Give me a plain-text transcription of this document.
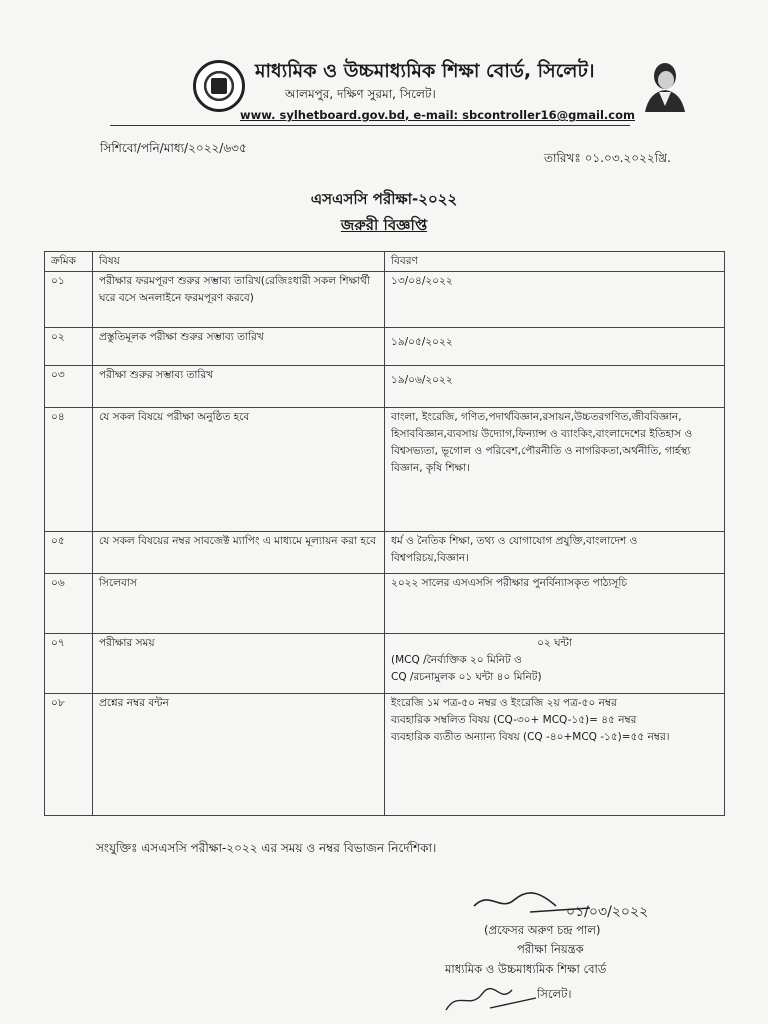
মাধ্যমিক ও উচ্চমাধ্যমিক শিক্ষা বোর্ড, সিলেট।
আলমপুর, দক্ষিণ সুরমা, সিলেট।
www. sylhetboard.gov.bd, e-mail: sbcontroller16@gmail.com
সিশিবো/পনি/মাধ্য/২০২২/৬৩৫
তারিখঃ ০১.০৩.২০২২খ্রি.
এসএসসি পরীক্ষা-২০২২
জরুরী বিজ্ঞপ্তি
ক্রমিক	বিষয়	বিবরণ
০১	পরীক্ষার ফরমপূরণ শুরুর সম্ভাব্য তারিখ(রেজিঃধারী সকল শিক্ষার্থী ঘরে বসে অনলাইনে ফরমপূরণ করবে)	১৩/০৪/২০২২
০২	প্রস্তুতিমূলক পরীক্ষা শুরুর সম্ভাব্য তারিখ	১৯/০৫/২০২২
০৩	পরীক্ষা শুরুর সম্ভাব্য তারিখ	১৯/০৬/২০২২
০৪	যে সকল বিষয়ে পরীক্ষা অনুষ্ঠিত হবে	বাংলা, ইংরেজি, গণিত,পদার্থবিজ্ঞান,রসায়ন,উচ্চতরগণিত,জীববিজ্ঞান, হিসাববিজ্ঞান,ব্যবসায় উদ্যোগ,ফিন্যান্স ও ব্যাংকিং,বাংলাদেশের ইতিহাস ও বিশ্বসভ্যতা, ভূগোল ও পরিবেশ,পৌরনীতি ও নাগরিকতা,অর্থনীতি, গার্হস্থ্য বিজ্ঞান, কৃষি শিক্ষা।
০৫	যে সকল বিষয়ের নম্বর সাবজেক্ট ম্যাপিং এ মাধ্যমে মূল্যায়ন করা হবে	ধর্ম ও নৈতিক শিক্ষা, তথ্য ও যোগাযোগ প্রযুক্তি,বাংলাদেশ ও বিশ্বপরিচয়,বিজ্ঞান।
০৬	সিলেবাস	২০২২ সালের এসএসসি পরীক্ষার পুনর্বিন্যাসকৃত পাঠ্যসূচি
০৭	পরীক্ষার সময়	০২ ঘন্টা
(MCQ /নৈর্ব্যক্তিক ২০ মিনিট ও
CQ /রচনামুলক ০১ ঘন্টা ৪০ মিনিট)

০৮	প্রশ্নের নম্বর বন্টন	ইংরেজি ১ম পত্র-৫০ নম্বর ও ইংরেজি ২য় পত্র-৫০ নম্বর
ব্যবহারিক সম্বলিত বিষয় (CQ-৩০+ MCQ-১৫)= ৪৫ নম্বর
ব্যবহারিক ব্যতীত অন্যান্য বিষয় (CQ -৪০+MCQ -১৫)=৫৫ নম্বর।
সংযুক্তিঃ এসএসসি পরীক্ষা-২০২২ এর সময় ও নম্বর বিভাজন নির্দেশিকা।
০১/০৩/২০২২
(প্রফেসর অরুণ চন্দ্র পাল)
পরীক্ষা নিয়ন্ত্রক
মাধ্যমিক ও উচ্চমাধ্যমিক শিক্ষা বোর্ড
সিলেট।
